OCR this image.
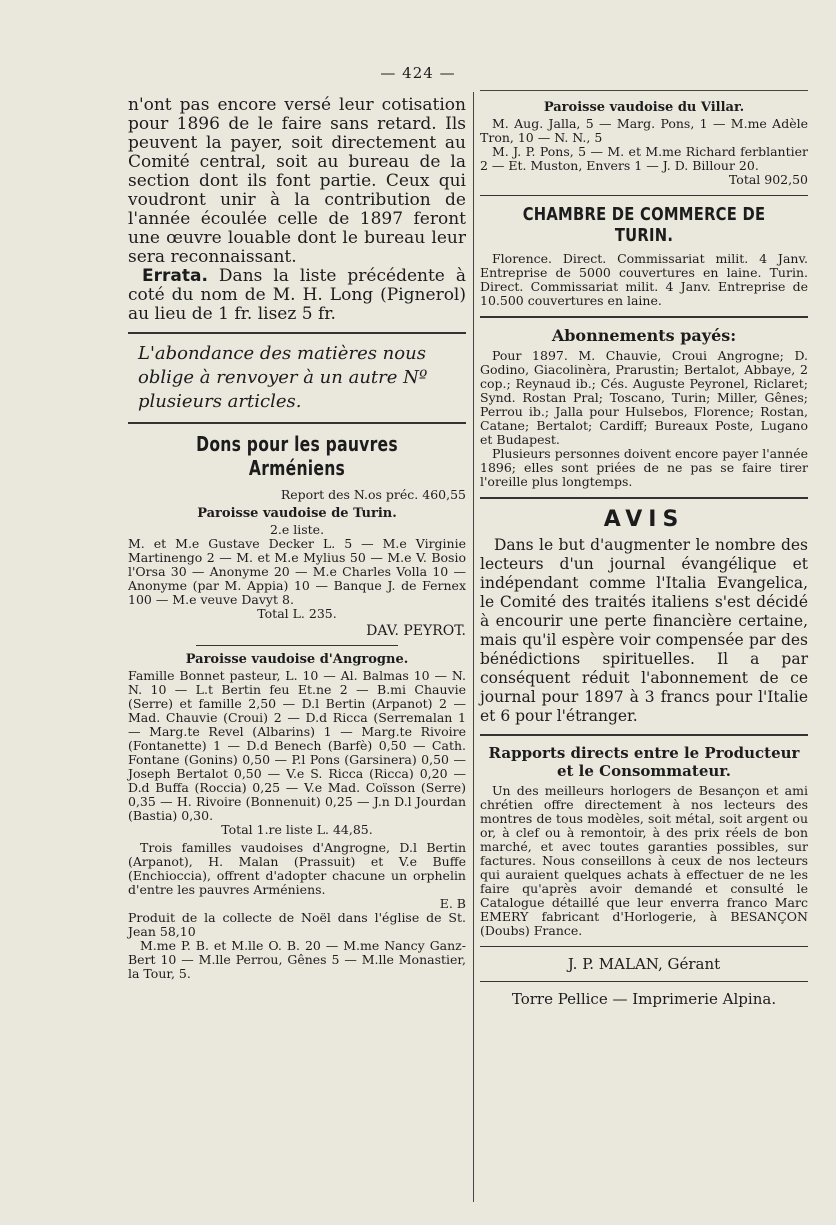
— 424 —

n'ont pas encore versé leur cotisation pour 1896 de le faire sans retard. Ils peuvent la payer, soit directement au Comité central, soit au bureau de la section dont ils font partie. Ceux qui voudront unir à la contribution de l'année écoulée celle de 1897 feront une œuvre louable dont le bureau leur sera reconnaissant.

Errata. Dans la liste précédente à coté du nom de M. H. Long (Pignerol) au lieu de 1 fr. lisez 5 fr.

L'abondance des matières nous oblige à renvoyer à un autre Nº plusieurs articles.

Dons pour les pauvres Arméniens

Report des N.os préc. 460,55

Paroisse vaudoise de Turin.

2.e liste.

M. et M.e Gustave Decker L. 5 — M.e Virginie Martinengo 2 — M. et M.e Mylius 50 — M.e V. Bosio l'Orsa 30 — Anonyme 20 — M.e Charles Volla 10 — Anonyme (par M. Appia) 10 — Banque J. de Fernex 100 — M.e veuve Davyt 8.

Total L. 235.

DAV. PEYROT.

Paroisse vaudoise d'Angrogne.

Famille Bonnet pasteur, L. 10 — Al. Balmas 10 — N. N. 10 — L.t Bertin feu Et.ne 2 — B.mi Chauvie (Serre) et famille 2,50 — D.l Bertin (Arpanot) 2 — Mad. Chauvie (Croui) 2 — D.d Ricca (Serremalan 1 — Marg.te Revel (Albarins) 1 — Marg.te Rivoire (Fontanette) 1 — D.d Benech (Barfè) 0,50 — Cath. Fontane (Gonins) 0,50 — P.l Pons (Garsinera) 0,50 — Joseph Bertalot 0,50 — V.e S. Ricca (Ricca) 0,20 — D.d Buffa (Roccia) 0,25 — V.e Mad. Coïsson (Serre) 0,35 — H. Rivoire (Bonnenuit) 0,25 — J.n D.l Jourdan (Bastia) 0,30.

Total 1.re liste L. 44,85.

Trois familles vaudoises d'Angrogne, D.l Bertin (Arpanot), H. Malan (Prassuit) et V.e Buffe (Enchioccia), offrent d'adopter chacune un orphelin d'entre les pauvres Arméniens.

E. B

Produit de la collecte de Noël dans l'église de St. Jean 58,10

M.me P. B. et M.lle O. B. 20 — M.me Nancy Ganz-Bert 10 — M.lle Perrou, Gênes 5 — M.lle Monastier, la Tour, 5.

Paroisse vaudoise du Villar.

M. Aug. Jalla, 5 — Marg. Pons, 1 — M.me Adèle Tron, 10 — N. N., 5

M. J. P. Pons, 5 — M. et M.me Richard ferblantier 2 — Et. Muston, Envers 1 — J. D. Billour 20.

Total 902,50

CHAMBRE DE COMMERCE DE TURIN.

Florence. Direct. Commissariat milit. 4 Janv. Entreprise de 5000 couvertures en laine. Turin. Direct. Commissariat milit. 4 Janv. Entreprise de 10.500 couvertures en laine.

Abonnements payés:

Pour 1897. M. Chauvie, Croui Angrogne; D. Godino, Giacolinèra, Prarustin; Bertalot, Abbaye, 2 cop.; Reynaud ib.; Cés. Auguste Peyronel, Riclaret; Synd. Rostan Pral; Toscano, Turin; Miller, Gênes; Perrou ib.; Jalla pour Hulsebos, Florence; Rostan, Catane; Bertalot; Cardiff; Bureaux Poste, Lugano et Budapest.

Plusieurs personnes doivent encore payer l'année 1896; elles sont priées de ne pas se faire tirer l'oreille plus longtemps.

AVIS

Dans le but d'augmenter le nombre des lecteurs d'un journal évangélique et indépendant comme l'Italia Evangelica, le Comité des traités italiens s'est décidé à encourir une perte financière certaine, mais qu'il espère voir compensée par des bénédictions spirituelles. Il a par conséquent réduit l'abonnement de ce journal pour 1897 à 3 francs pour l'Italie et 6 pour l'étranger.

Rapports directs entre le Producteur et le Consommateur.

Un des meilleurs horlogers de Besançon et ami chrétien offre directement à nos lecteurs des montres de tous modèles, soit métal, soit argent ou or, à clef ou à remontoir, à des prix réels de bon marché, et avec toutes garanties possibles, sur factures. Nous conseillons à ceux de nos lecteurs qui auraient quelques achats à effectuer de ne les faire qu'après avoir demandé et consulté le Catalogue détaillé que leur enverra franco Marc EMERY fabricant d'Horlogerie, à BESANÇON (Doubs) France.

J. P. MALAN, Gérant
Torre Pellice — Imprimerie Alpina.
